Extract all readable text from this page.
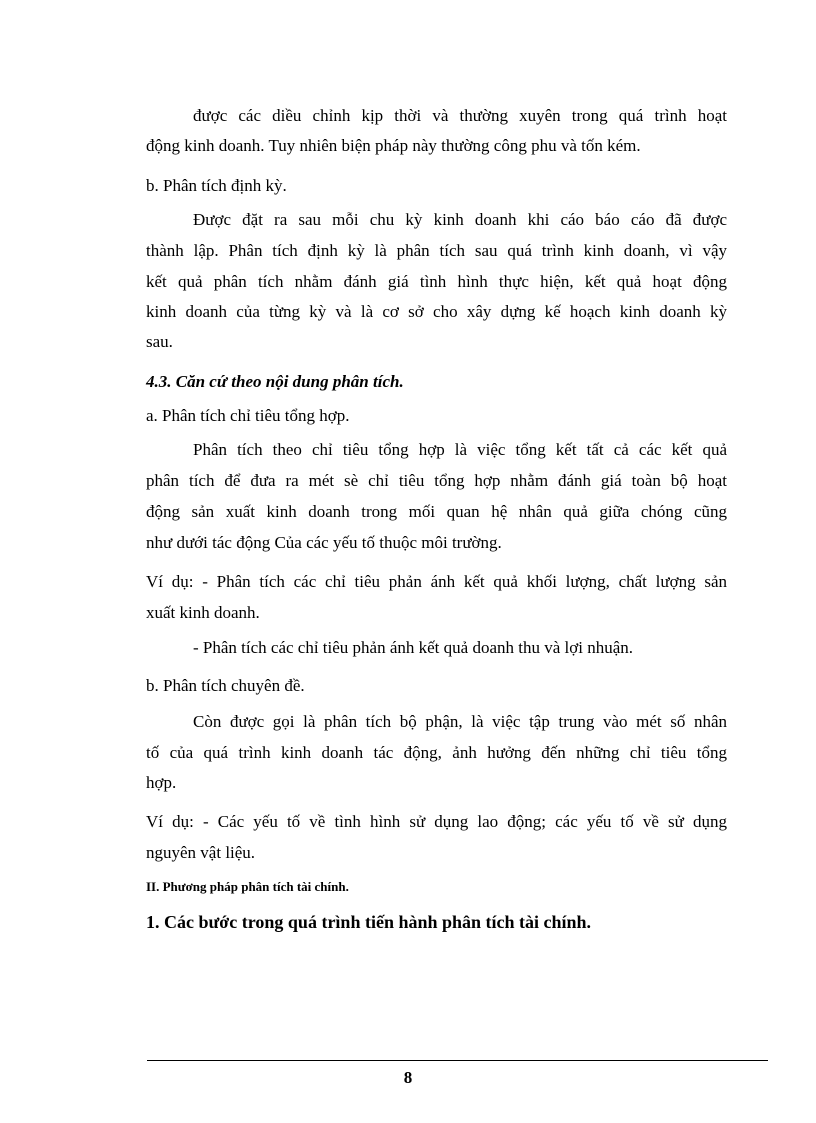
được các diều chỉnh kịp thời và thường xuyên trong quá trình hoạt
động kinh doanh. Tuy nhiên biện pháp này thường công phu và tốn kém.
b. Phân tích định kỳ.
Được đặt ra sau mỗi chu kỳ kinh doanh khi cáo báo cáo đã được
thành lập. Phân tích định kỳ là phân tích sau quá trình kinh doanh, vì vậy
kết quả phân tích nhằm đánh giá tình hình thực hiện, kết quả hoạt động
kinh doanh của từng kỳ và là cơ sở cho xây dựng kế hoạch kinh doanh kỳ
sau.
4.3. Căn cứ theo nội dung phân tích.
a. Phân tích chỉ tiêu tổng hợp.
Phân tích theo chỉ tiêu tổng hợp là việc tổng kết tất cả các kết quả
phân tích để đưa ra mét sè chỉ tiêu tổng hợp nhằm đánh giá toàn bộ hoạt
động sản xuất kinh doanh trong mối quan hệ nhân quả giữa chóng cũng
như dưới tác động Của các yếu tố thuộc môi trường.
Ví dụ: - Phân tích các chỉ tiêu phản ánh kết quả khối lượng, chất lượng sản
xuất kinh doanh.
- Phân tích các chỉ tiêu phản ánh kết quả doanh thu và lợi nhuận.
b. Phân tích chuyên đề.
Còn được gọi là phân tích bộ phận, là việc tập trung vào mét số nhân
tố của quá trình kinh doanh tác động, ảnh hưởng đến những chỉ tiêu tổng
hợp.
Ví dụ: - Các yếu tố về tình hình sử dụng lao động; các yếu tố về sử dụng
nguyên vật liệu.
II. Phương pháp phân tích tài chính.
1. Các bước trong quá trình tiến hành phân tích tài chính.
8
